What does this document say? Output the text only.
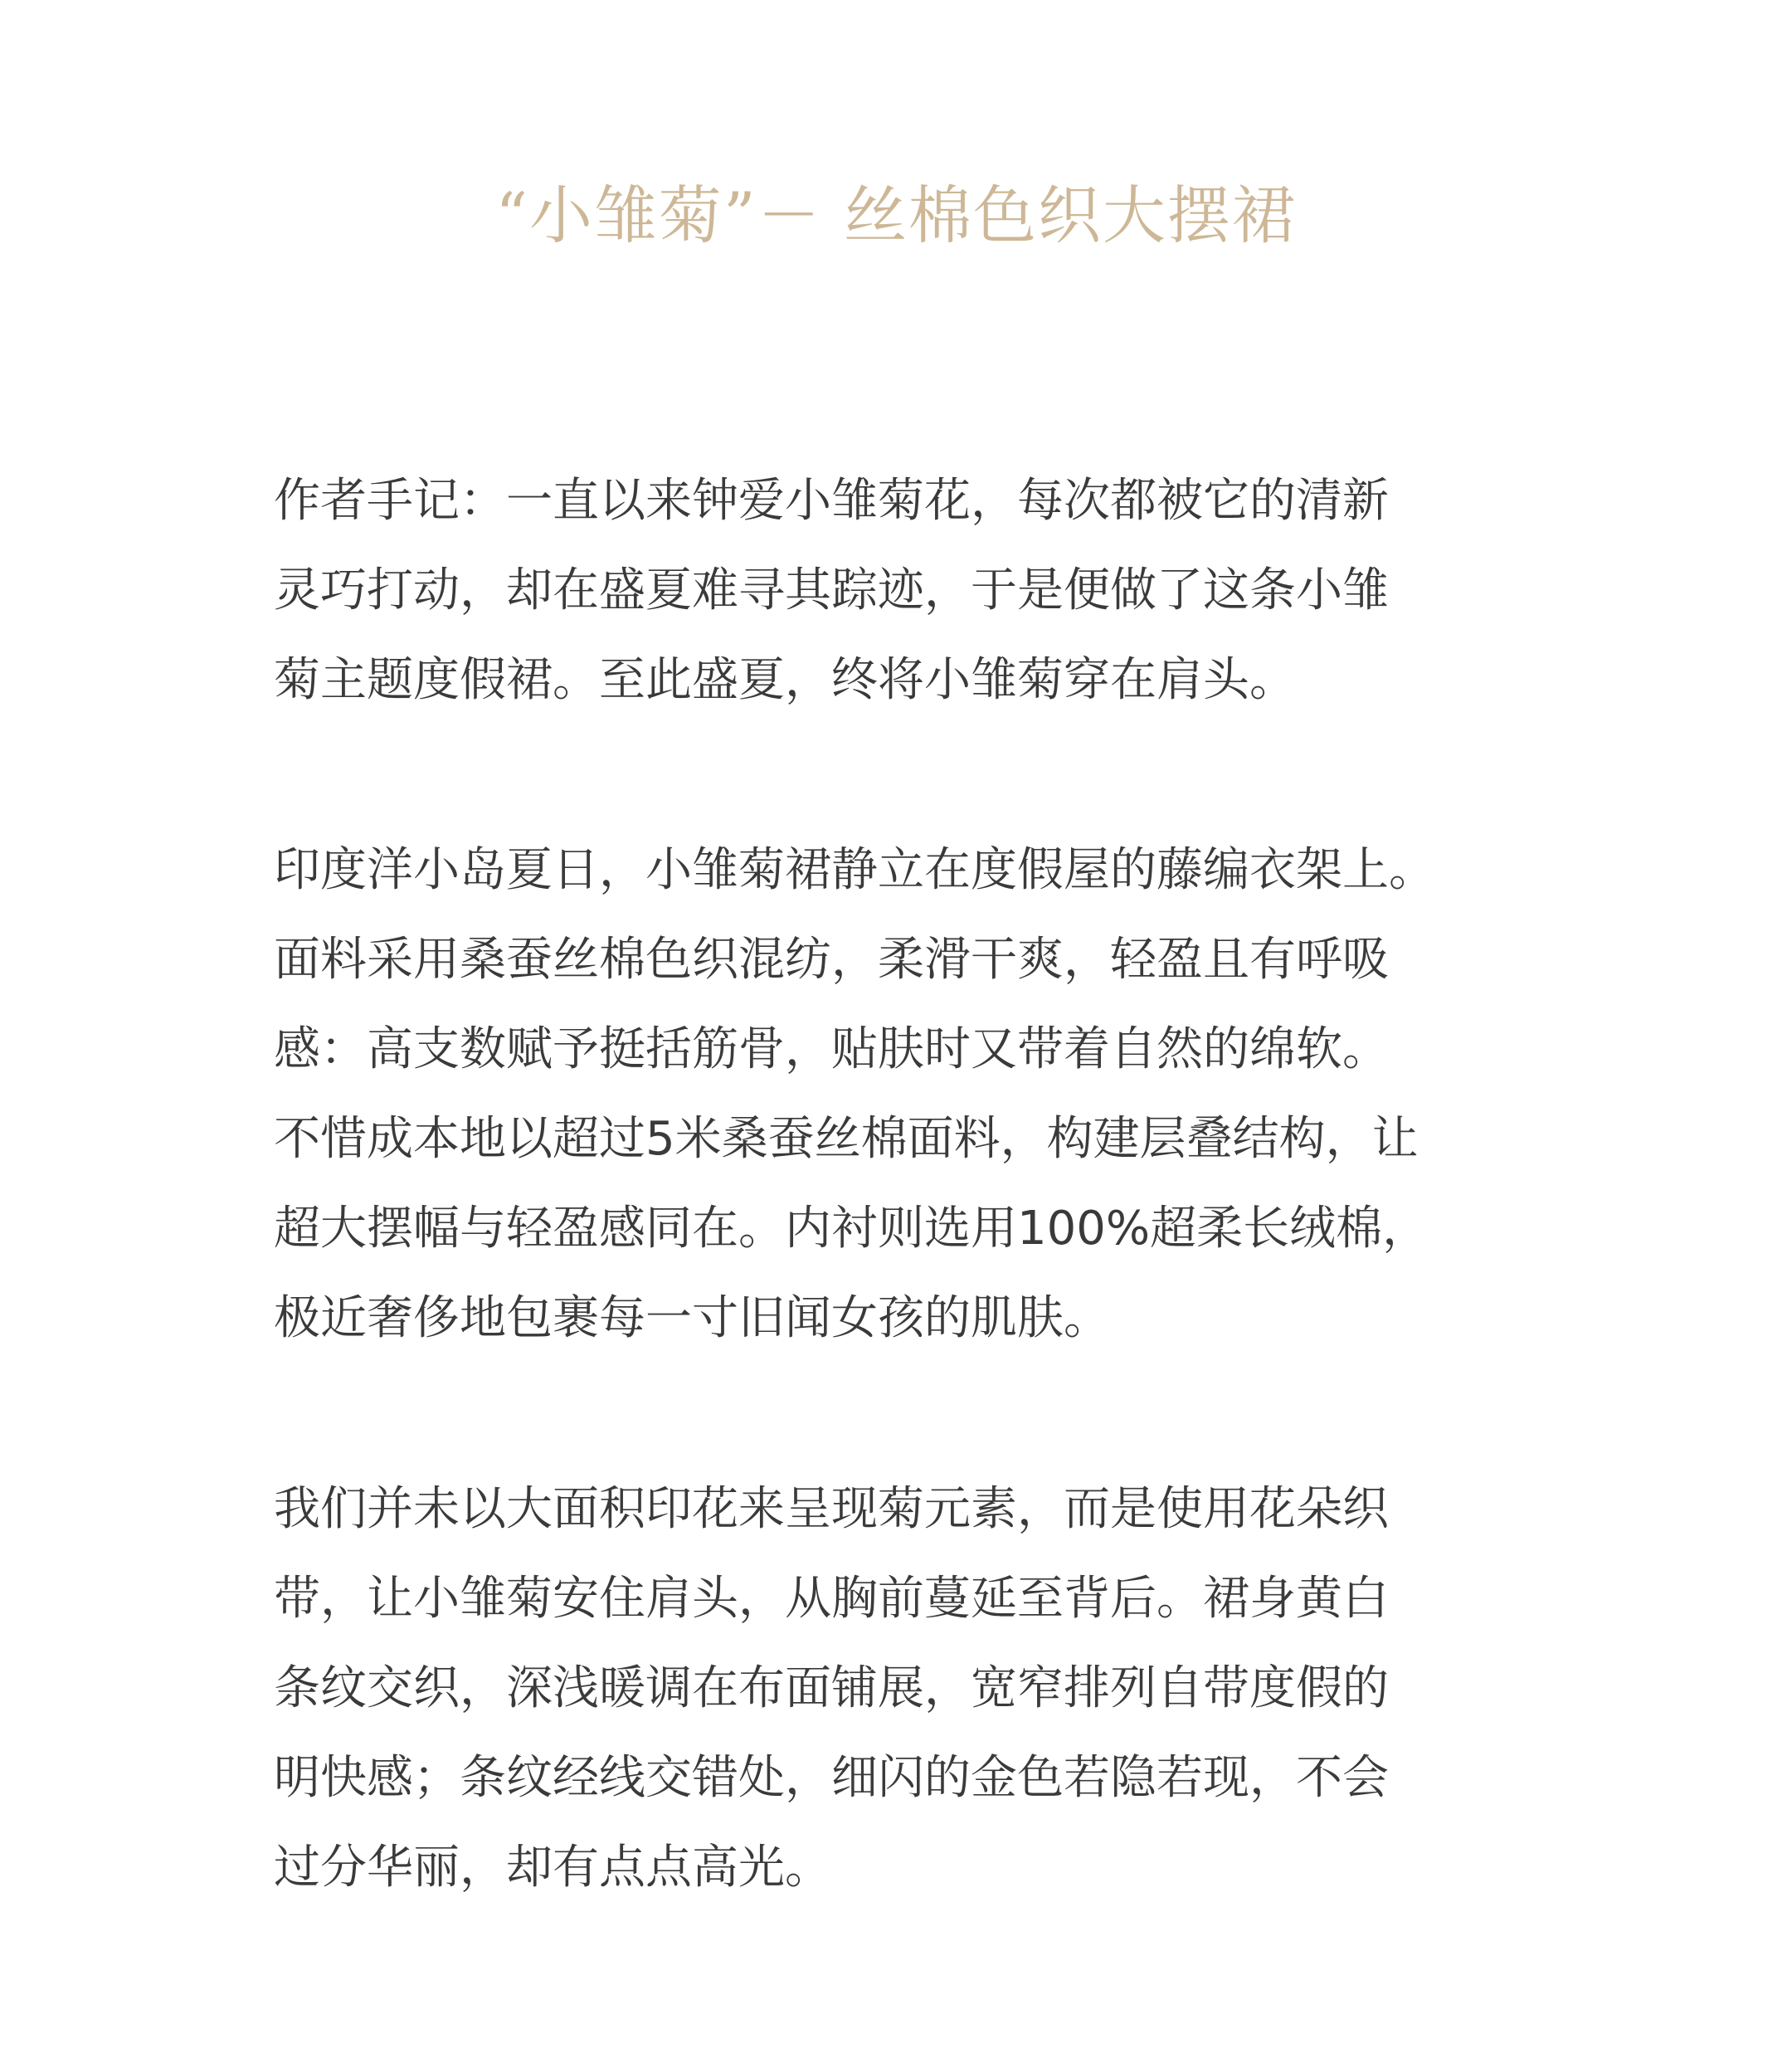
“小雏菊”－ 丝棉色织大摆裙
作者手记：一直以来钟爱小雏菊花，每次都被它的清新
灵巧打动，却在盛夏难寻其踪迹，于是便做了这条小雏
菊主题度假裙。至此盛夏，终将小雏菊穿在肩头。
印度洋小岛夏日，小雏菊裙静立在度假屋的藤编衣架上。
面料采用桑蚕丝棉色织混纺，柔滑干爽，轻盈且有呼吸
感：高支数赋予挺括筋骨，贴肤时又带着自然的绵软。
不惜成本地以超过5米桑蚕丝棉面料，构建层叠结构，让
超大摆幅与轻盈感同在。内衬则选用100%超柔长绒棉，
极近奢侈地包裹每一寸旧闻女孩的肌肤。
我们并未以大面积印花来呈现菊元素，而是使用花朵织
带，让小雏菊安住肩头，从胸前蔓延至背后。裙身黄白
条纹交织，深浅暖调在布面铺展，宽窄排列自带度假的
明快感；条纹经线交错处，细闪的金色若隐若现，不会
过分华丽，却有点点高光。
